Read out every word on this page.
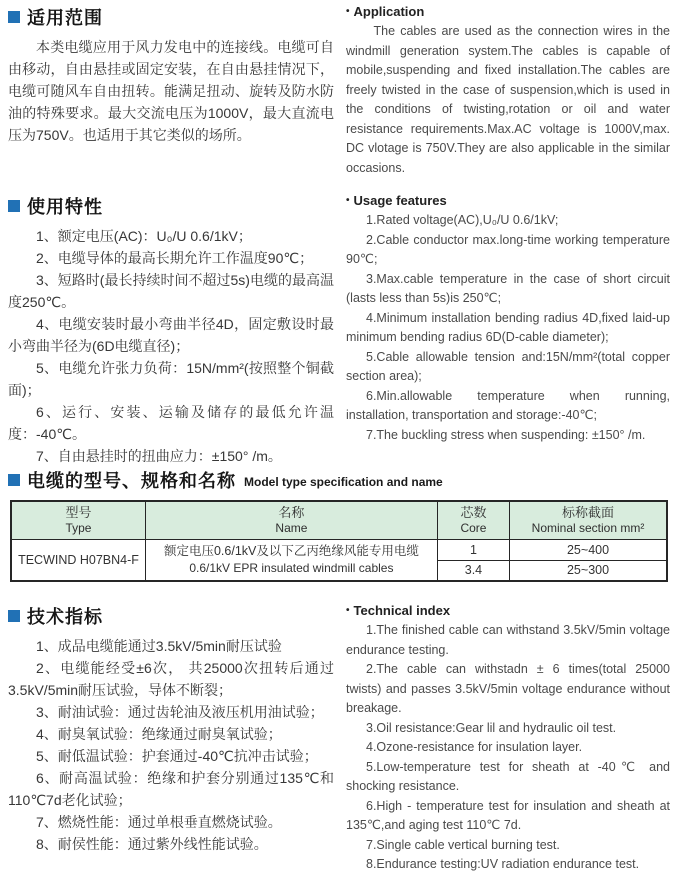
适用范围

本类电缆应用于风力发电中的连接线。电缆可自由移动，自由悬挂或固定安装，在自由悬挂情况下，电缆可随风车自由扭转。能满足扭动、旋转及防水防油的特殊要求。最大交流电压为1000V，最大直流电压为750V。也适用于其它类似的场所。

• Application

The cables are used as the connection wires in the windmill generation system.The cables is capable of mobile,suspending and fixed installation.The cables are freely twisted in the case of suspension,which is used in the conditions of twisting,rotation or oil and water resistance requirements.Max.AC voltage is 1000V,max. DC vlotage is 750V.They are also applicable in the similar occasions.

使用特性

1、额定电压(AC)：U₀/U 0.6/1kV；

2、电缆导体的最高长期允许工作温度90℃；

3、短路时(最长持续时间不超过5s)电缆的最高温度250℃。

4、电缆安装时最小弯曲半径4D，固定敷设时最小弯曲半径为(6D电缆直径)；

5、电缆允许张力负荷：15N/mm²(按照整个铜截面)；

6、运行、安装、运输及储存的最低允许温度：-40℃。

7、自由悬挂时的扭曲应力：±150° /m。

• Usage features

1.Rated voltage(AC),U₀/U 0.6/1kV;

2.Cable conductor max.long-time working temperature 90℃;

3.Max.cable temperature in the case of short circuit (lasts less than 5s)is 250℃;

4.Minimum installation bending radius 4D,fixed laid-up minimum bending radius 6D(D-cable diameter);

5.Cable allowable tension and:15N/mm²(total copper section area);

6.Min.allowable temperature when running, installation, transportation and storage:-40℃;

7.The buckling stress when suspending: ±150° /m.

电缆的型号、规格和名称 Model type specification and name
型号
Type	名称
Name	芯数
Core	标称截面
Nominal section mm²

TECWIND H07BN4-F	额定电压0.6/1kV及以下乙丙绝缘风能专用电缆
0.6/1kV EPR insulated windmill cables	1	25~400
		3.4	25~300
技术指标

1、成品电缆能通过3.5kV/5min耐压试验

2、电缆能经受±6次， 共25000次扭转后通过3.5kV/5min耐压试验，导体不断裂；

3、耐油试验：通过齿轮油及液压机用油试验；

4、耐臭氧试验：绝缘通过耐臭氧试验；

5、耐低温试验：护套通过-40℃抗冲击试验；

6、耐高温试验：绝缘和护套分别通过135℃和110℃7d老化试验；

7、燃烧性能：通过单根垂直燃烧试验。

8、耐侯性能：通过紫外线性能试验。

• Technical index

1.The finished cable can withstand 3.5kV/5min voltage endurance testing.

2.The cable can withstadn ± 6 times(total 25000 twists) and passes 3.5kV/5min voltage endurance without breakage.

3.Oil resistance:Gear lil and hydraulic oil test.

4.Ozone-resistance for insulation layer.

5.Low-temperature test for sheath at -40℃ and shocking resistance.

6.High - temperature test for insulation and sheath at 135℃,and aging test 110℃ 7d.

7.Single cable vertical burning test.

8.Endurance testing:UV radiation endurance test.
